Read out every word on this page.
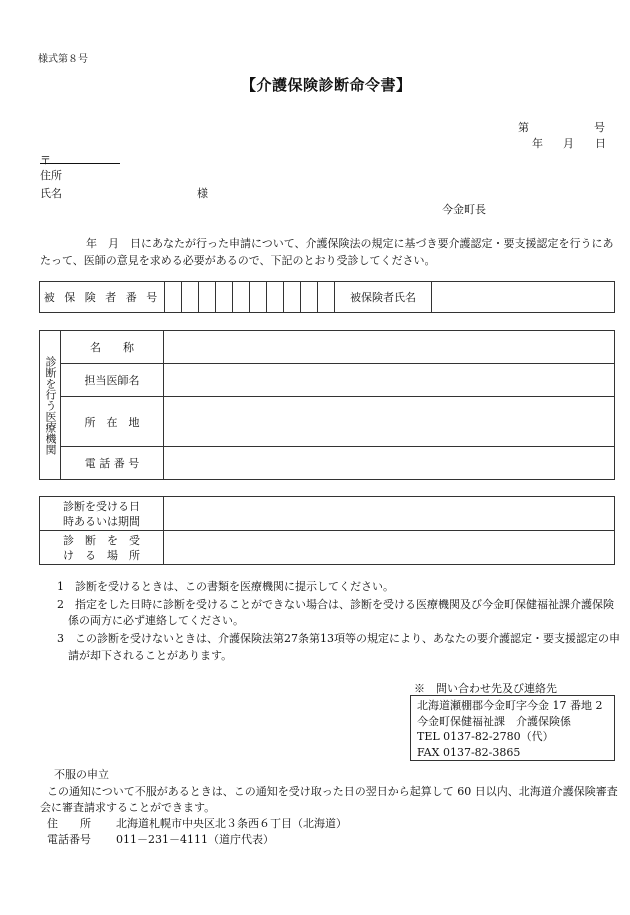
様式第８号
【介護保険診断命令書】
第	号
年 月 日
〒
住所
氏名	様
今金町長
年　月　日にあなたが行った申請について、介護保険法の規定に基づき要介護認定・要支援認定を行うにあ
たって、医師の意見を求める必要があるので、下記のとおり受診してください。
被 保 険 者 番 号											被保険者氏名	
診断を行う医療機関	名　　称	
	担当医師名	
	所　在　地	
	電 話 番 号	
診断を受ける日
時あるいは期間	

診　断　を　受
け　る　場　所	

1 診断を受けるときは、この書類を医療機関に提示してください。
2 指定をした日時に診断を受けることができない場合は、診断を受ける医療機関及び今金町保健福祉課介護保険
係の両方に必ず連絡してください。
3 この診断を受けないときは、介護保険法第27条第13項等の規定により、あなたの要介護認定・要支援認定の申
請が却下されることがあります。
※　問い合わせ先及び連絡先
北海道瀬棚郡今金町字今金 17 番地 2
今金町保健福祉課　介護保険係
TEL 0137-82-2780（代）
FAX 0137-82-3865
不服の申立
この通知について不服があるときは、この通知を受け取った日の翌日から起算して 60 日以内、北海道介護保険審査
会に審査請求することができます。
住　　所 北海道札幌市中央区北３条西６丁目（北海道）
電話番号 011－231－4111（道庁代表）
